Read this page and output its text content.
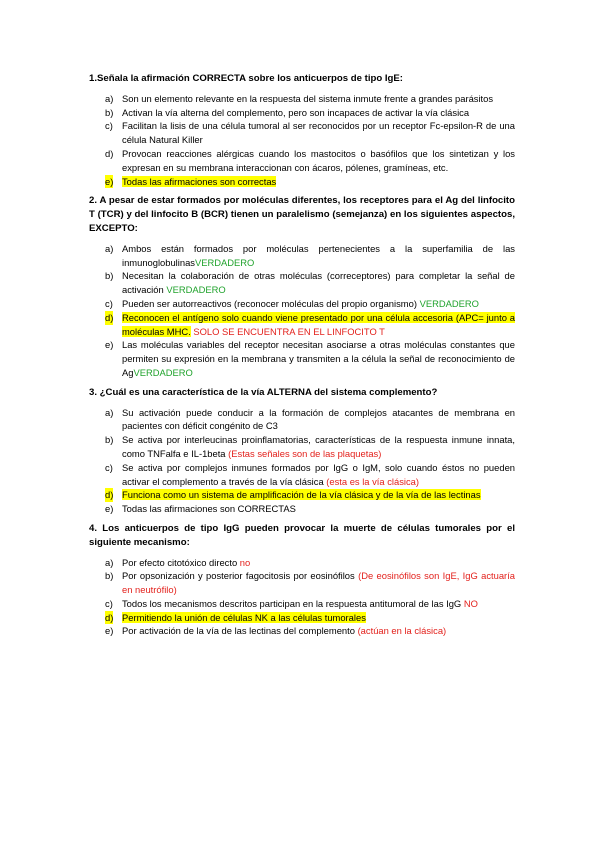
1.Señala la afirmación CORRECTA sobre los anticuerpos de tipo IgE:

a) Son un elemento relevante en la respuesta del sistema inmute frente a grandes parásitos
b) Activan la vía alterna del complemento, pero son incapaces de activar la vía clásica
c) Facilitan la lisis de una célula tumoral al ser reconocidos por un receptor Fc-epsilon-R de una célula Natural Killer
d) Provocan reacciones alérgicas cuando los mastocitos o basófilos que los sintetizan y los expresan en su membrana interaccionan con ácaros, pólenes, gramíneas, etc.
e) Todas las afirmaciones son correctas

2. A pesar de estar formados por moléculas diferentes, los receptores para el Ag del linfocito T (TCR) y del linfocito B (BCR) tienen un paralelismo (semejanza) en los siguientes aspectos, EXCEPTO:

a) Ambos están formados por moléculas pertenecientes a la superfamilia de las inmunoglobulinasVERDADERO
b) Necesitan la colaboración de otras moléculas (correceptores) para completar la señal de activación VERDADERO
c) Pueden ser autorreactivos (reconocer moléculas del propio organismo) VERDADERO
d) Reconocen el antígeno solo cuando viene presentado por una célula accesoria (APC= junto a moléculas MHC. SOLO SE ENCUENTRA EN EL LINFOCITO T
e) Las moléculas variables del receptor necesitan asociarse a otras moléculas constantes que permiten su expresión en la membrana y transmiten a la célula la señal de reconocimiento de AgVERDADERO

3. ¿Cuál es una característica de la vía ALTERNA del sistema complemento?

a) Su activación puede conducir a la formación de complejos atacantes de membrana en pacientes con déficit congénito de C3
b) Se activa por interleucinas proinflamatorias, características de la respuesta inmune innata, como TNFalfa e IL-1beta (Estas señales son de las plaquetas)
c) Se activa por complejos inmunes formados por IgG o IgM, solo cuando éstos no pueden activar el complemento a través de la vía clásica (esta es la vía clásica)
d) Funciona como un sistema de amplificación de la vía clásica y de la vía de las lectinas
e) Todas las afirmaciones son CORRECTAS

4. Los anticuerpos de tipo IgG pueden provocar la muerte de células tumorales por el siguiente mecanismo:

a) Por efecto citotóxico directo no
b) Por opsonización y posterior fagocitosis por eosinófilos (De eosinófilos son IgE, IgG actuaría en neutrófilo)
c) Todos los mecanismos descritos participan en la respuesta antitumoral de las IgG NO
d) Permitiendo la unión de células NK a las células tumorales
e) Por activación de la vía de las lectinas del complemento (actúan en la clásica)
